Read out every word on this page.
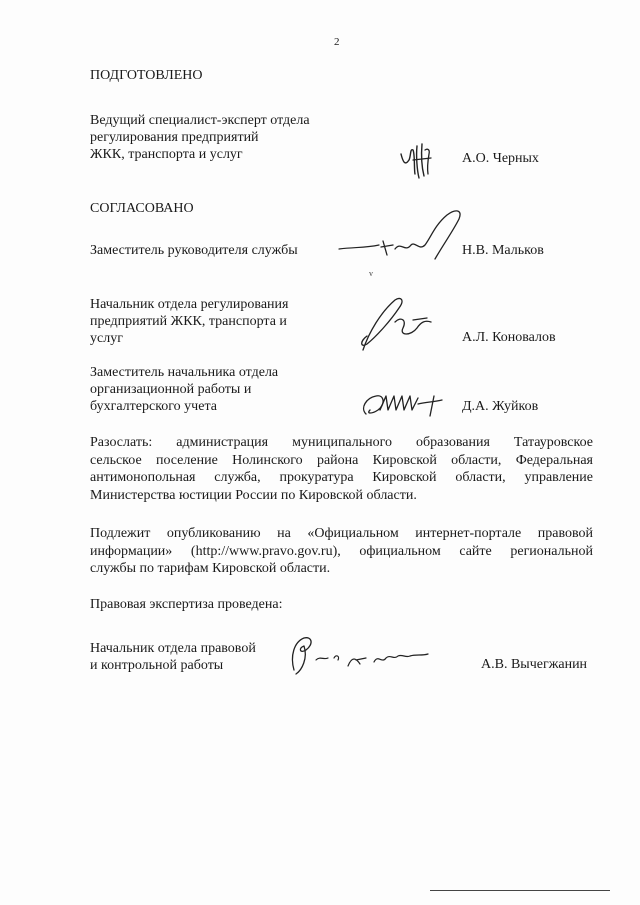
2
ПОДГОТОВЛЕНО
Ведущий специалист-эксперт отдела
регулирования предприятий
ЖКК, транспорта и услуг	А.О. Черных
СОГЛАСОВАНО
Заместитель руководителя службы
v
Н.В. Мальков
Начальник отдела регулирования
предприятий ЖКК, транспорта и
услуг	А.Л. Коновалов
Заместитель начальника отдела
организационной работы и
бухгалтерского учета	Д.А. Жуйков
Разослать: администрация муниципального образования Татауровское
сельское поселение Нолинского района Кировской области, Федеральная
антимонопольная служба, прокуратура Кировской области, управление
Министерства юстиции России по Кировской области.
Подлежит опубликованию на «Официальном интернет-портале правовой
информации» (http://www.pravo.gov.ru), официальном сайте региональной
службы по тарифам Кировской области.
Правовая экспертиза проведена:
Начальник отдела правовой
и контрольной работы	А.В. Вычегжанин
